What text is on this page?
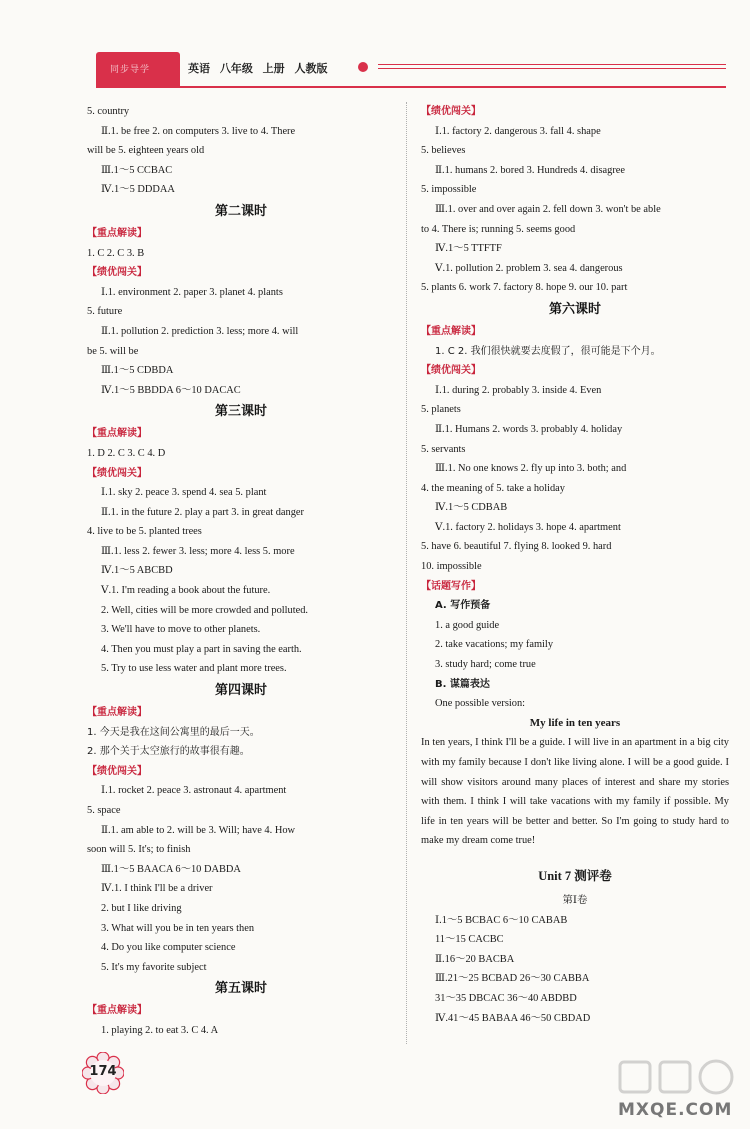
同步导学	英语 八年级 上册 人教版
5. country
Ⅱ.1. be free 2. on computers 3. live to 4. There
will be 5. eighteen years old
Ⅲ.1～5 CCBAC
Ⅳ.1～5 DDDAA
第二课时
【重点解读】
1. C 2. C 3. B
【绩优闯关】
Ⅰ.1. environment 2. paper 3. planet 4. plants
5. future
Ⅱ.1. pollution 2. prediction 3. less; more 4. will
be 5. will be
Ⅲ.1～5 CDBDA
Ⅳ.1～5 BBDDA 6～10 DACAC
第三课时
【重点解读】
1. D 2. C 3. C 4. D
【绩优闯关】
Ⅰ.1. sky 2. peace 3. spend 4. sea 5. plant
Ⅱ.1. in the future 2. play a part 3. in great danger
4. live to be 5. planted trees
Ⅲ.1. less 2. fewer 3. less; more 4. less 5. more
Ⅳ.1～5 ABCBD
Ⅴ.1. I'm reading a book about the future.
2. Well, cities will be more crowded and polluted.
3. We'll have to move to other planets.
4. Then you must play a part in saving the earth.
5. Try to use less water and plant more trees.
第四课时
【重点解读】
1. 今天是我在这间公寓里的最后一天。
2. 那个关于太空旅行的故事很有趣。
【绩优闯关】
Ⅰ.1. rocket 2. peace 3. astronaut 4. apartment
5. space
Ⅱ.1. am able to 2. will be 3. Will; have 4. How
soon will 5. It's; to finish
Ⅲ.1～5 BAACA 6～10 DABDA
Ⅳ.1. I think I'll be a driver
2. but I like driving
3. What will you be in ten years then
4. Do you like computer science
5. It's my favorite subject
第五课时
【重点解读】
1. playing 2. to eat 3. C 4. A
【绩优闯关】
Ⅰ.1. factory 2. dangerous 3. fall 4. shape
5. believes
Ⅱ.1. humans 2. bored 3. Hundreds 4. disagree
5. impossible
Ⅲ.1. over and over again 2. fell down 3. won't be able
to 4. There is; running 5. seems good
Ⅳ.1～5 TTFTF
Ⅴ.1. pollution 2. problem 3. sea 4. dangerous
5. plants 6. work 7. factory 8. hope 9. our 10. part
第六课时
【重点解读】
1. C 2. 我们很快就要去度假了，很可能是下个月。
【绩优闯关】
Ⅰ.1. during 2. probably 3. inside 4. Even
5. planets
Ⅱ.1. Humans 2. words 3. probably 4. holiday
5. servants
Ⅲ.1. No one knows 2. fly up into 3. both; and
4. the meaning of 5. take a holiday
Ⅳ.1～5 CDBAB
Ⅴ.1. factory 2. holidays 3. hope 4. apartment
5. have 6. beautiful 7. flying 8. looked 9. hard
10. impossible
【话题写作】
A. 写作预备
1. a good guide
2. take vacations; my family
3. study hard; come true
B. 谋篇表达
One possible version:
My life in ten years
In ten years, I think I'll be a guide. I will live in an apartment in a big city with my family because I don't like living alone. I will be a good guide. I will show visitors around many places of interest and share my stories with them. I think I will take vacations with my family if possible. My life in ten years will be better and better. So I'm going to study hard to make my dream come true!
Unit 7 测评卷
第Ⅰ卷
Ⅰ.1～5 BCBAC 6～10 CABAB
11～15 CACBC
Ⅱ.16～20 BACBA
Ⅲ.21～25 BCBAD 26～30 CABBA
31～35 DBCAC 36～40 ABDBD
Ⅳ.41～45 BABAA 46～50 CBDAD
174
MXQE.COM
